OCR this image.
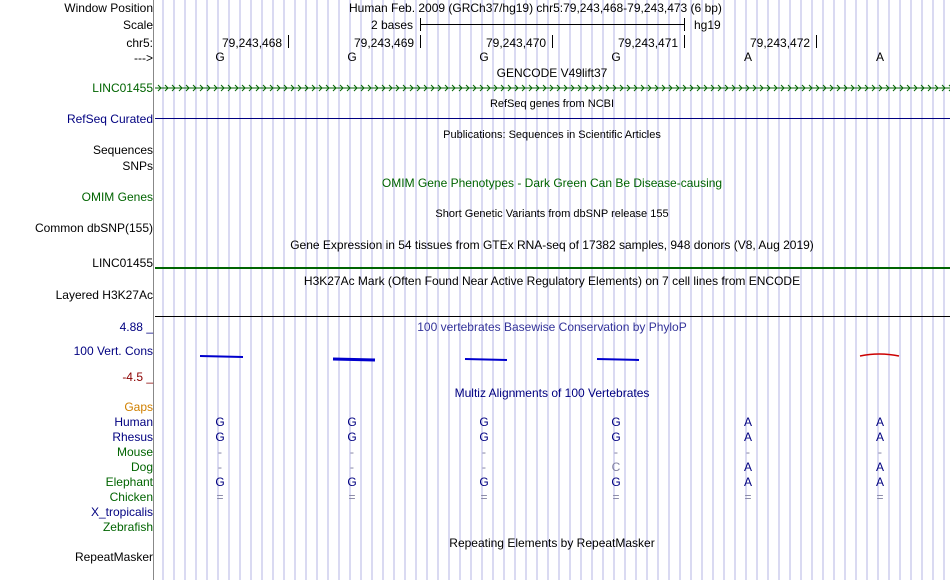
Window Position	Human Feb. 2009 (GRCh37/hg19) chr5:79,243,468-79,243,473 (6 bp)
Scale	2 bases	hg19
chr5:	79,243,468	79,243,469	79,243,470	79,243,471	79,243,472
--->	G	G	G	G	A	A
GENCODE V49lift37
LINC01455
RefSeq genes from NCBI
RefSeq Curated
Publications: Sequences in Scientific Articles
Sequences
SNPs
OMIM Gene Phenotypes - Dark Green Can Be Disease-causing
OMIM Genes
Short Genetic Variants from dbSNP release 155
Common dbSNP(155)
Gene Expression in 54 tissues from GTEx RNA-seq of 17382 samples, 948 donors (V8, Aug 2019)
LINC01455
H3K27Ac Mark (Often Found Near Active Regulatory Elements) on 7 cell lines from ENCODE
Layered H3K27Ac
100 vertebrates Basewise Conservation by PhyloP
4.88 _
100 Vert. Cons
-4.5 _
Multiz Alignments of 100 Vertebrates
Gaps
Human	G	G	G	G	A	A
Rhesus	G	G	G	G	A	A
Mouse	-	-	-	-	-	-
Dog	-	-	-	C	A	A
Elephant	G	G	G	G	A	A
Chicken	=	=	=	=	=	=
X_tropicalis
Zebrafish
Repeating Elements by RepeatMasker
RepeatMasker
